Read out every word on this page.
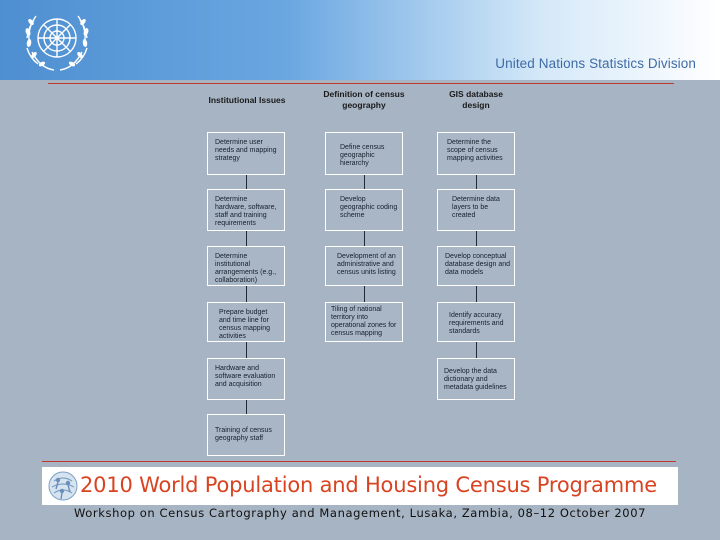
United Nations Statistics Division
Institutional Issues
Definition of census geography
GIS database design
Determine user needs and mapping strategy
Determine hardware, software, staff and training requirements
Determine institutional arrangements (e.g., collaboration)
Prepare budget and time line for census mapping activities
Hardware and software evaluation and acquisition
Training of census geography staff
Define census geographic hierarchy
Develop geographic coding scheme
Development of an administrative and census units listing
Tiling of national territory into operational zones for census mapping
Determine the scope of census mapping activities
Determine data layers to be created
Develop conceptual database design and data models
Identify accuracy requirements and standards
Develop the data dictionary and metadata guidelines
2010 World Population and Housing Census Programme
Workshop on Census Cartography and Management, Lusaka, Zambia, 08–12 October 2007
